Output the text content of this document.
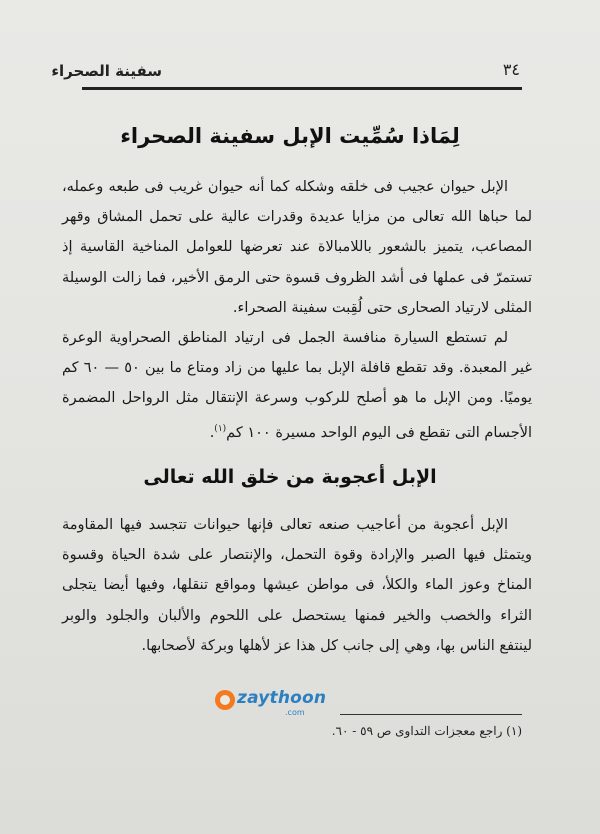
٣٤
سفينة الصحراء
لِمَاذا سُمِّيت الإبل سفينة الصحراء

الإبل حيوان عجيب فى خلقه وشكله كما أنه حيوان غريب فى طبعه وعمله، لما حباها الله تعالى من مزايا عديدة وقدرات عالية على تحمل المشاق وقهر المصاعب، يتميز بالشعور باللامبالاة عند تعرضها للعوامل المناخية القاسية إذ تستمرّ فى عملها فى أشد الظروف قسوة حتى الرمق الأخير، فما زالت الوسيلة المثلى لارتياد الصحارى حتى لُقِبت سفينة الصحراء.

لم تستطع السيارة منافسة الجمل فى ارتياد المناطق الصحراوية الوعرة غير المعبدة. وقد تقطع قافلة الإبل بما عليها من زاد ومتاع ما بين ٥٠ — ٦٠ كم يوميًا. ومن الإبل ما هو أصلح للركوب وسرعة الإنتقال مثل الرواحل المضمرة الأجسام التى تقطع فى اليوم الواحد مسيرة ١٠٠ كم$^{(١)}$.

الإبل أعجوبة من خلق الله تعالى

الإبل أعجوبة من أعاجيب صنعه تعالى فإنها حيوانات تتجسد فيها المقاومة ويتمثل فيها الصبر والإرادة وقوة التحمل، والإنتصار على شدة الحياة وقسوة المناخ وعوز الماء والكلأ، فى مواطن عيشها ومواقع تنقلها، وفيها أيضا يتجلى الثراء والخصب والخير فمنها يستحصل على اللحوم والألبان والجلود والوبر لينتفع الناس بها، وهي إلى جانب كل هذا عز لأهلها وبركة لأصحابها.

zaythoon
.com
(١) راجع معجزات التداوى ص ٥٩ - ٦٠.
